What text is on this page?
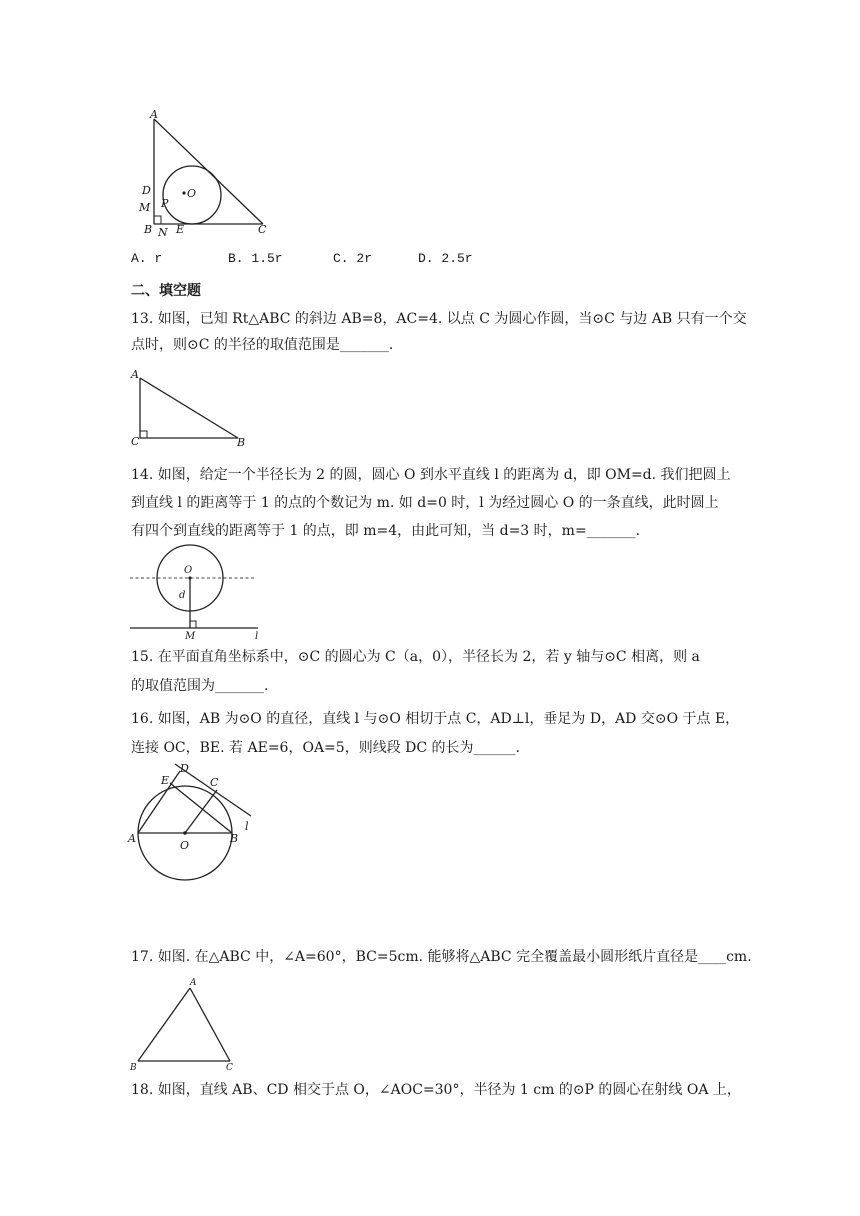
A
D
M P
O
B N E	C
A. r	B. 1.5r	C. 2r	D. 2.5r
二、填空题
13. 如图，已知 Rt△ABC 的斜边 AB=8，AC=4. 以点 C 为圆心作圆，当⊙C 与边 AB 只有一个交
点时，则⊙C 的半径的取值范围是_______.
A
C	B
14. 如图，给定一个半径长为 2 的圆，圆心 O 到水平直线 l 的距离为 d，即 OM=d. 我们把圆上
到直线 l 的距离等于 1 的点的个数记为 m. 如 d=0 时，l 为经过圆心 O 的一条直线，此时圆上
有四个到直线的距离等于 1 的点，即 m=4，由此可知，当 d=3 时，m=_______.
O
d
M	l
15. 在平面直角坐标系中，⊙C 的圆心为 C（a，0），半径长为 2，若 y 轴与⊙C 相离，则 a
的取值范围为_______.
16. 如图，AB 为⊙O 的直径，直线 l 与⊙O 相切于点 C，AD⊥l，垂足为 D，AD 交⊙O 于点 E，
连接 OC，BE. 若 AE=6，OA=5，则线段 DC 的长为______.
D
E	C
l
A
O
B
17. 如图. 在△ABC 中，∠A=60°，BC=5cm. 能够将△ABC 完全覆盖最小圆形纸片直径是____cm.
A
B	C
18. 如图，直线 AB、CD 相交于点 O，∠AOC=30°，半径为 1 cm 的⊙P 的圆心在射线 OA 上，
